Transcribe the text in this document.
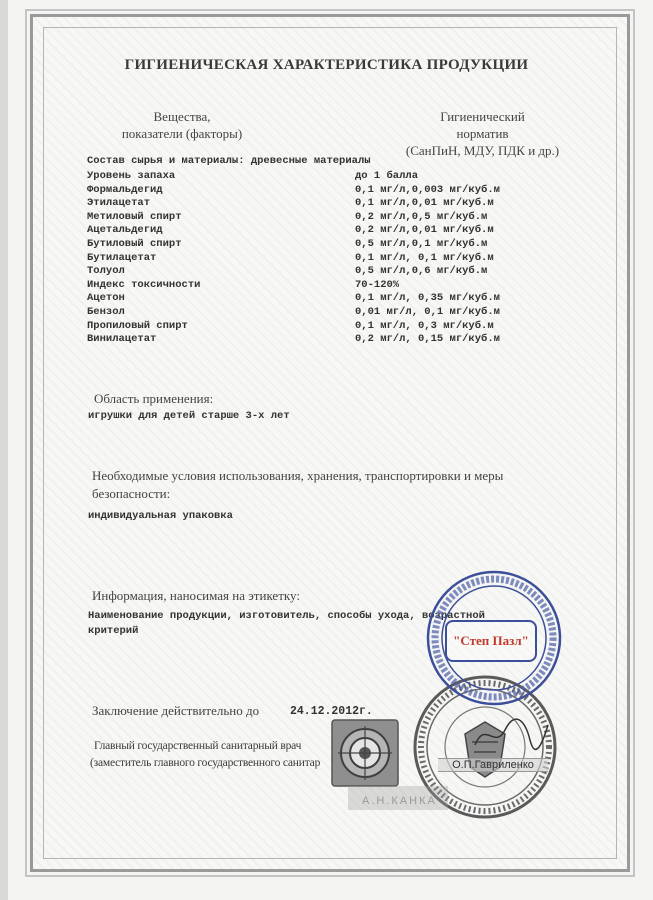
ГИГИЕНИЧЕСКАЯ ХАРАКТЕРИСТИКА ПРОДУКЦИИ
Вещества,
показатели (факторы)
Гигиенический
норматив
(СанПиН, МДУ, ПДК и др.)
Состав сырья и материалы: древесные материалы
Уровень запаха	до 1 балла
Формальдегид	0,1 мг/л,0,003 мг/куб.м
Этилацетат	0,1 мг/л,0,01 мг/куб.м
Метиловый спирт	0,2 мг/л,0,5 мг/куб.м
Ацетальдегид	0,2 мг/л,0,01 мг/куб.м
Бутиловый спирт	0,5 мг/л,0,1 мг/куб.м
Бутилацетат	0,1 мг/л, 0,1 мг/куб.м
Толуол	0,5 мг/л,0,6 мг/куб.м
Индекс токсичности	70-120%
Ацетон	0,1 мг/л, 0,35 мг/куб.м
Бензол	0,01 мг/л, 0,1 мг/куб.м
Пропиловый спирт	0,1 мг/л, 0,3 мг/куб.м
Винилацетат	0,2 мг/л, 0,15 мг/куб.м
Область применения:
игрушки для детей старше 3-х лет
Необходимые условия использования, хранения, транспортировки и меры
безопасности:
индивидуальная упаковка
Информация, наносимая на этикетку:
Наименование продукции, изготовитель, способы ухода, возрастной
критерий
Заключение действительно до	24.12.2012г.
Главный государственный санитарный врач
(заместитель главного государственного санитар
"Степ Пазл"
О.П.Гавриленко
А.Н.КАНКА
